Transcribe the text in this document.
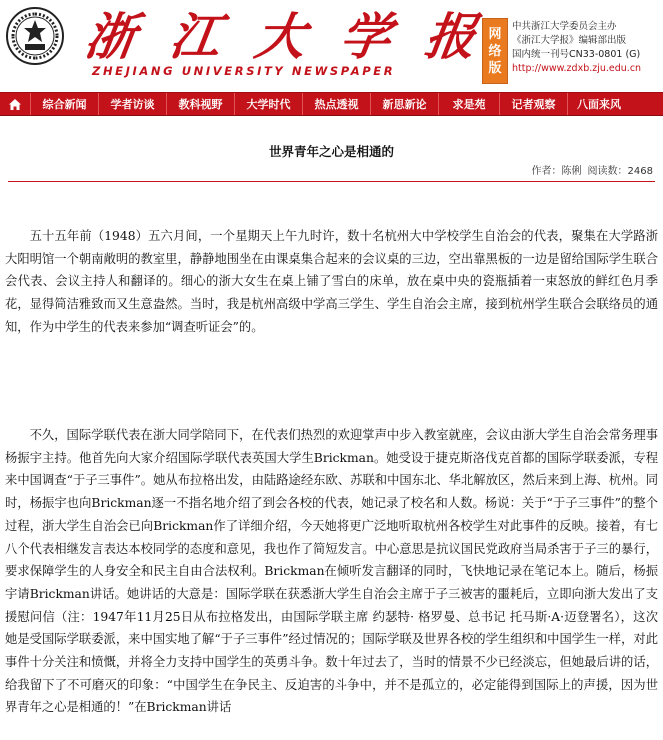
浙 江 大 学 报
ZHEJIANG UNIVERSITY NEWSPAPER
网
络
版
中共浙江大学委员会主办
《浙江大学报》编辑部出版
国内统一刊号CN33-0801 (G)
http://www.zdxb.zju.edu.cn
综合新闻	学者访谈	教科视野	大学时代	热点透视	新思新论	求是苑	记者观察	八面来风
世界青年之心是相通的
作者：陈俐 阅读数：2468

五十五年前（1948）五六月间，一个星期天上午九时许，数十名杭州大中学校学生自治会的代表，聚集在大学路浙大阳明馆一个朝南敞明的教室里，静静地围坐在由课桌集合起来的会议桌的三边，空出靠黑板的一边是留给国际学生联合会代表、会议主持人和翻译的。细心的浙大女生在桌上铺了雪白的床单，放在桌中央的瓷瓶插着一束怒放的鲜红色月季花，显得简洁雅致而又生意盎然。当时，我是杭州高级中学高三学生、学生自治会主席，接到杭州学生联合会联络员的通知，作为中学生的代表来参加“调查听证会”的。

不久，国际学联代表在浙大同学陪同下，在代表们热烈的欢迎掌声中步入教室就座，会议由浙大学生自治会常务理事杨振宇主持。他首先向大家介绍国际学联代表英国大学生Brickman。她受设于捷克斯洛伐克首都的国际学联委派，专程来中国调查“于子三事件”。她从布拉格出发，由陆路途经东欧、苏联和中国东北、华北解放区，然后来到上海、杭州。同时，杨振宇也向Brickman逐一不指名地介绍了到会各校的代表，她记录了校名和人数。杨说：关于“于子三事件”的整个过程，浙大学生自治会已向Brickman作了详细介绍，今天她将更广泛地听取杭州各校学生对此事件的反映。接着，有七八个代表相继发言表达本校同学的态度和意见，我也作了简短发言。中心意思是抗议国民党政府当局杀害于子三的暴行，要求保障学生的人身安全和民主自由合法权利。Brickman在倾听发言翻译的同时，飞快地记录在笔记本上。随后，杨振宇请Brickman讲话。她讲话的大意是：国际学联在获悉浙大学生自治会主席于子三被害的噩耗后，立即向浙大发出了支援慰问信（注：1947年11月25日从布拉格发出，由国际学联主席 约瑟特· 格罗曼、总书记 托马斯·A·迈登署名），这次她是受国际学联委派，来中国实地了解“于子三事件”经过情况的；国际学联及世界各校的学生组织和中国学生一样，对此事件十分关注和愤慨，并将全力支持中国学生的英勇斗争。数十年过去了，当时的情景不少已经淡忘，但她最后讲的话，给我留下了不可磨灭的印象：“中国学生在争民主、反迫害的斗争中，并不是孤立的，必定能得到国际上的声援，因为世界青年之心是相通的！”在Brickman讲话
